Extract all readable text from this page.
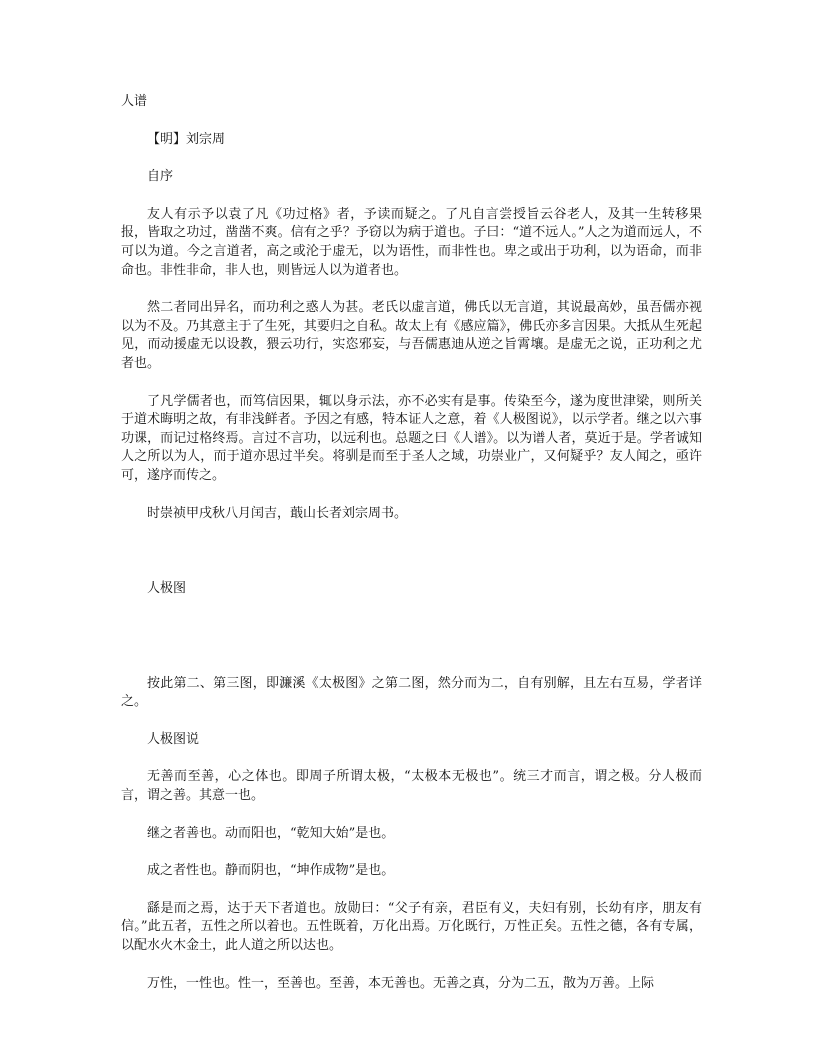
人谱

【明】刘宗周

自序

友人有示予以袁了凡《功过格》者，予读而疑之。了凡自言尝授旨云谷老人，及其一生转移果报，皆取之功过，凿凿不爽。信有之乎？予窃以为病于道也。子曰：“道不远人。”人之为道而远人，不可以为道。今之言道者，高之或沦于虚无，以为语性，而非性也。卑之或出于功利，以为语命，而非命也。非性非命，非人也，则皆远人以为道者也。

然二者同出异名，而功利之惑人为甚。老氏以虚言道，佛氏以无言道，其说最高妙，虽吾儒亦视以为不及。乃其意主于了生死，其要归之自私。故太上有《感应篇》，佛氏亦多言因果。大抵从生死起见，而动援虚无以设教，猥云功行，实恣邪妄，与吾儒惠迪从逆之旨霄壤。是虚无之说，正功利之尤者也。

了凡学儒者也，而笃信因果，辄以身示法，亦不必实有是事。传染至今，遂为度世津梁，则所关于道术晦明之故，有非浅鲜者。予因之有感，特本证人之意，着《人极图说》，以示学者。继之以六事功课，而记过格终焉。言过不言功，以远利也。总题之曰《人谱》。以为谱人者，莫近于是。学者诚知人之所以为人，而于道亦思过半矣。将驯是而至于圣人之域，功崇业广，又何疑乎？友人闻之，亟许可，遂序而传之。

时崇祯甲戌秋八月闰吉，蕺山长者刘宗周书。

人极图

按此第二、第三图，即濂溪《太极图》之第二图，然分而为二，自有别解，且左右互易，学者详之。

人极图说

无善而至善，心之体也。即周子所谓太极，“太极本无极也”。统三才而言，谓之极。分人极而言，谓之善。其意一也。

继之者善也。动而阳也，“乾知大始”是也。

成之者性也。静而阴也，“坤作成物”是也。

繇是而之焉，达于天下者道也。放勋曰：“父子有亲，君臣有义，夫妇有别，长幼有序，朋友有信。”此五者，五性之所以着也。五性既着，万化出焉。万化既行，万性正矣。五性之德，各有专属，以配水火木金土，此人道之所以达也。

万性，一性也。性一，至善也。至善，本无善也。无善之真，分为二五，散为万善。上际
